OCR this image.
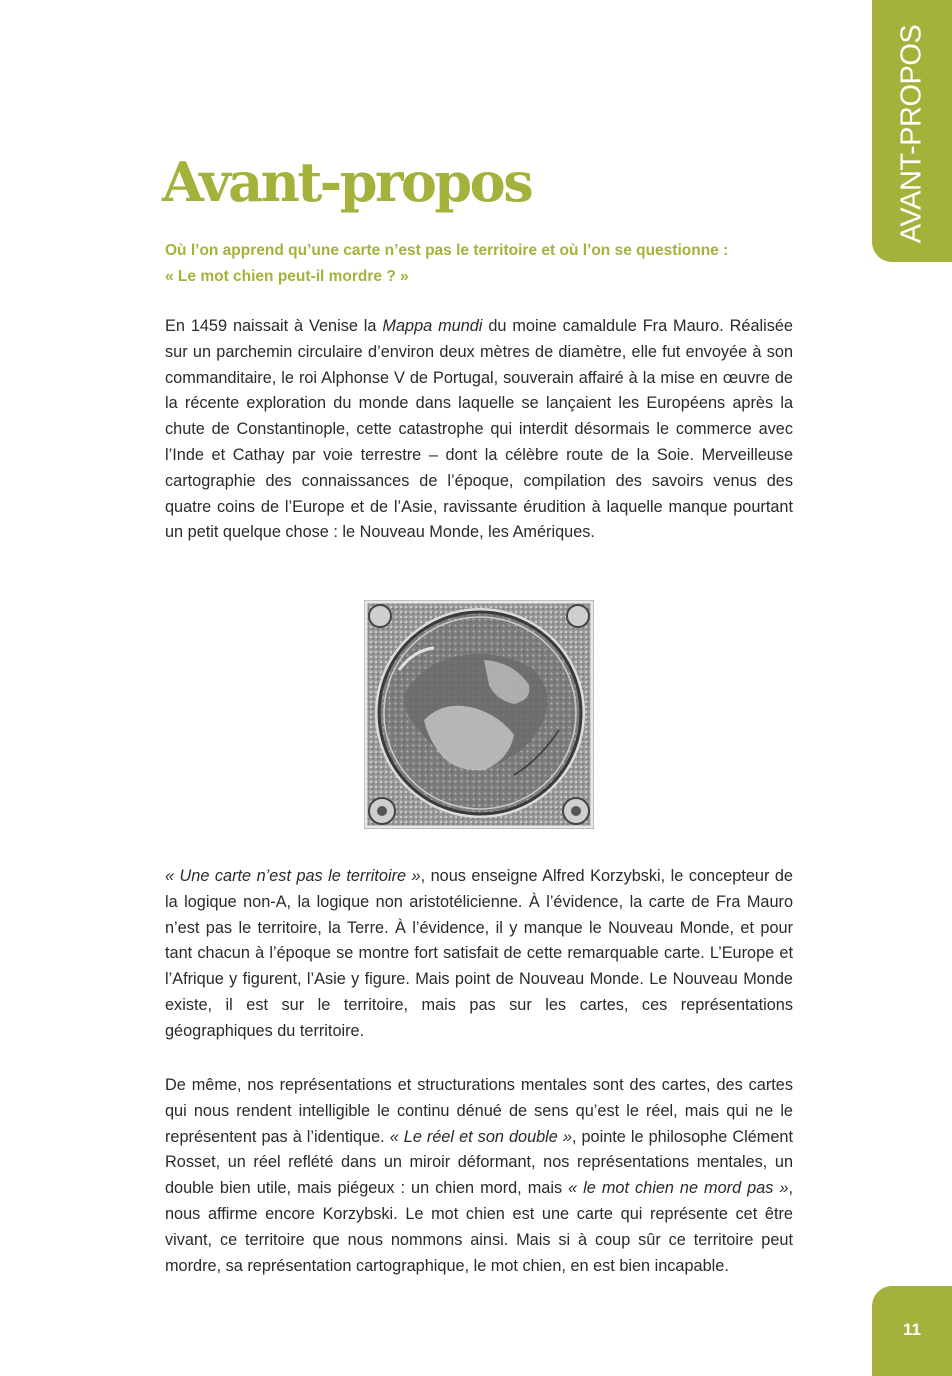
AVANT-PROPOS
Avant-propos

Où l’on apprend qu’une carte n’est pas le territoire et où l’on se questionne :
« Le mot chien peut-il mordre ? »

En 1459 naissait à Venise la Mappa mundi du moine camaldule Fra Mauro. Réalisée sur un parchemin circulaire d’environ deux mètres de diamètre, elle fut envoyée à son commanditaire, le roi Alphonse V de Portugal, souverain affairé à la mise en œuvre de la récente exploration du monde dans laquelle se lançaient les Européens après la chute de Constantinople, cette catastrophe qui interdit désormais le commerce avec l’Inde et Cathay par voie terrestre – dont la célèbre route de la Soie. Merveilleuse cartographie des connaissances de l’époque, compilation des savoirs venus des quatre coins de l’Europe et de l’Asie, ravissante érudition à laquelle manque pourtant un petit quelque chose : le Nouveau Monde, les Amériques.

« Une carte n’est pas le territoire », nous enseigne Alfred Korzybski, le concepteur de la logique non-A, la logique non aristotélicienne. À l’évidence, la carte de Fra Mauro n’est pas le territoire, la Terre. À l’évidence, il y manque le Nouveau Monde, et pour tant chacun à l’époque se montre fort satisfait de cette remarquable carte. L’Europe et l’Afrique y figurent, l’Asie y figure. Mais point de Nouveau Monde. Le Nouveau Monde existe, il est sur le territoire, mais pas sur les cartes, ces représentations géographiques du territoire.

De même, nos représentations et structurations mentales sont des cartes, des cartes qui nous rendent intelligible le continu dénué de sens qu’est le réel, mais qui ne le représentent pas à l’identique. « Le réel et son double », pointe le philosophe Clément Rosset, un réel reflété dans un miroir déformant, nos représentations mentales, un double bien utile, mais piégeux : un chien mord, mais « le mot chien ne mord pas », nous affirme encore Korzybski. Le mot chien est une carte qui représente cet être vivant, ce territoire que nous nommons ainsi. Mais si à coup sûr ce territoire peut mordre, sa représentation cartographique, le mot chien, en est bien incapable.

11
